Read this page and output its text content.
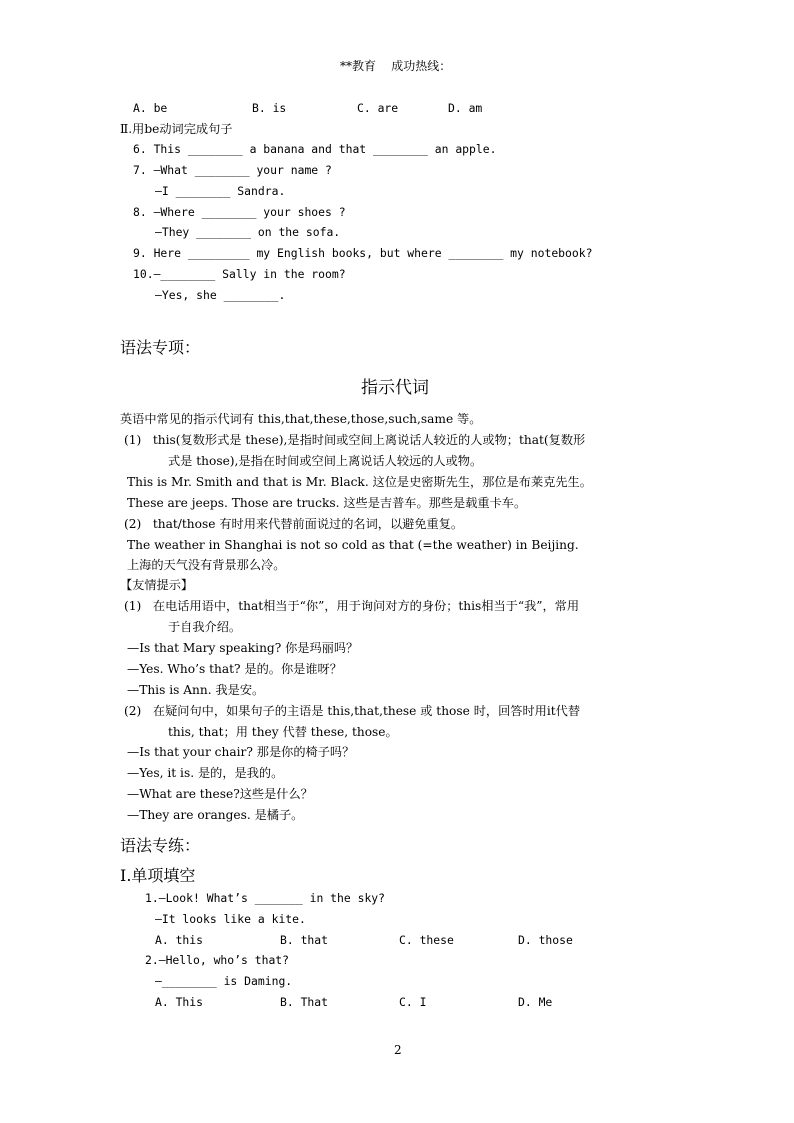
**教育    成功热线：
A. be	B. is	C. are	D. am
Ⅱ.用be动词完成句子
6. This ________ a banana and that ________ an apple.
7. —What ________ your name ?
—I ________ Sandra.
8. —Where ________ your shoes ?
—They ________ on the sofa.
9. Here _________ my English books, but where ________ my notebook?
10.—________ Sally in the room?
—Yes, she ________.
语法专项：
指示代词
英语中常见的指示代词有 this,that,these,those,such,same 等。
(1)   this(复数形式是 these),是指时间或空间上离说话人较近的人或物；that(复数形
式是 those),是指在时间或空间上离说话人较远的人或物。
This is Mr. Smith and that is Mr. Black. 这位是史密斯先生，那位是布莱克先生。
These are jeeps. Those are trucks. 这些是吉普车。那些是载重卡车。
(2)   that/those 有时用来代替前面说过的名词，以避免重复。
The weather in Shanghai is not so cold as that (=the weather) in Beijing.
上海的天气没有背景那么冷。
【友情提示】
(1)   在电话用语中，that相当于“你”，用于询问对方的身份；this相当于“我”，常用
于自我介绍。
—Is that Mary speaking? 你是玛丽吗？
—Yes. Who’s that? 是的。你是谁呀？
—This is Ann. 我是安。
(2)   在疑问句中，如果句子的主语是 this,that,these 或 those 时，回答时用it代替
this, that；用 they 代替 these, those。
—Is that your chair? 那是你的椅子吗？
—Yes, it is. 是的，是我的。
—What are these?这些是什么？
—They are oranges. 是橘子。
语法专练：
Ⅰ.单项填空
1.—Look! What’s _______ in the sky?
—It looks like a kite.
A. this	B. that	C. these	D. those
2.—Hello, who’s that?
—________ is Daming.
A. This	B. That	C. I	D. Me
2
